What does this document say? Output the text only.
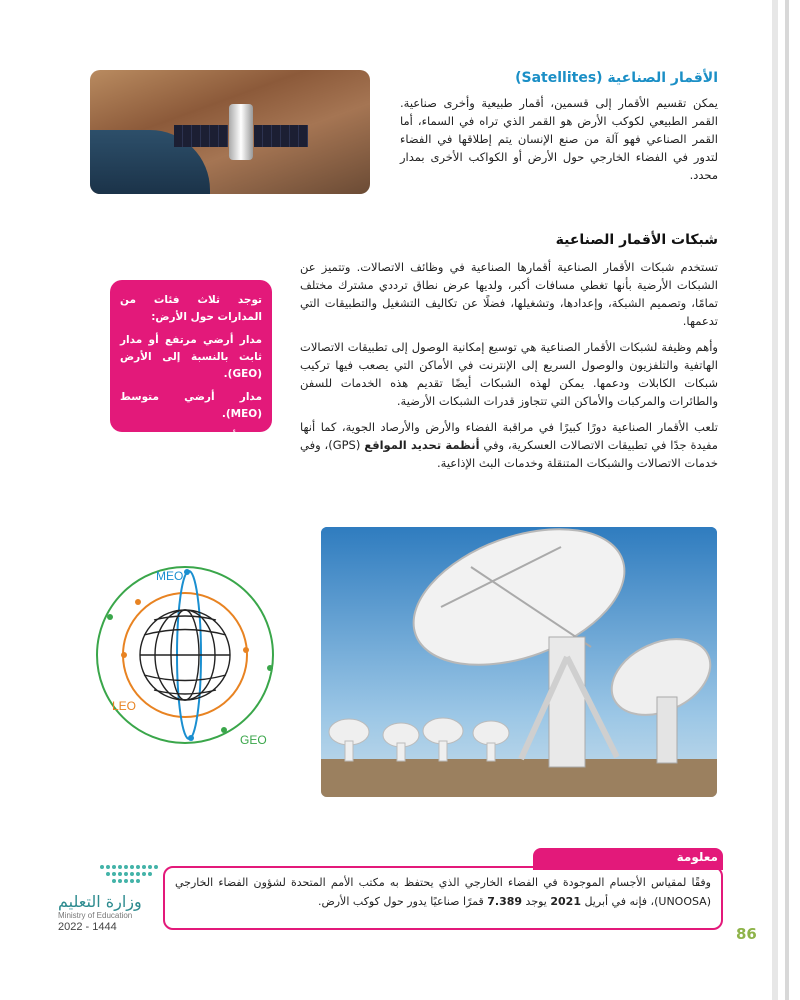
الأقمار الصناعية (Satellites)
يمكن تقسيم الأقمار إلى قسمين، أقمار طبيعية وأخرى صناعية. القمر الطبيعي لكوكب الأرض هو القمر الذي تراه في السماء، أما القمر الصناعي فهو آلة من صنع الإنسان يتم إطلاقها في الفضاء لتدور في الفضاء الخارجي حول الأرض أو الكواكب الأخرى بمدار محدد.
شبكات الأقمار الصناعية

تستخدم شبكات الأقمار الصناعية أقمارها الصناعية في وظائف الاتصالات. وتتميز عن الشبكات الأرضية بأنها تغطي مسافات أكبر، ولديها عرض نطاق ترددي مشترك مختلف تمامًا، وتصميم الشبكة، وإعدادها، وتشغيلها، فضلًا عن تكاليف التشغيل والتطبيقات التي تدعمها.

وأهم وظيفة لشبكات الأقمار الصناعية هي توسيع إمكانية الوصول إلى تطبيقات الاتصالات الهاتفية والتلفزيون والوصول السريع إلى الإنترنت في الأماكن التي يصعب فيها تركيب شبكات الكابلات ودعمها. يمكن لهذه الشبكات أيضًا تقديم هذه الخدمات للسفن والطائرات والمركبات والأماكن التي تتجاوز قدرات الشبكات الأرضية.

تلعب الأقمار الصناعية دورًا كبيرًا في مراقبة الفضاء والأرض والأرصاد الجوية، كما أنها مفيدة جدًا في تطبيقات الاتصالات العسكرية، وفي أنظمة تحديد المواقع (GPS)، وفي خدمات الاتصالات والشبكات المتنقلة وخدمات البث الإذاعية.

توجد ثلاث فئات من المدارات حول الأرض:

مدار أرضي مرتفع أو مدار ثابت بالنسبة إلى الأرض (GEO).

مدار أرضي متوسط (MEO).

مدار أرضي منخفض (LEO).

MEO
LEO
GEO
معلومة
وفقًا لمقياس الأجسام الموجودة في الفضاء الخارجي الذي يحتفظ به مكتب الأمم المتحدة لشؤون الفضاء الخارجي (UNOOSA)، فإنه في أبريل 2021 يوجد 7.389 قمرًا صناعيًا يدور حول كوكب الأرض.
وزارة التعليم
Ministry of Education
2022 - 1444	86
